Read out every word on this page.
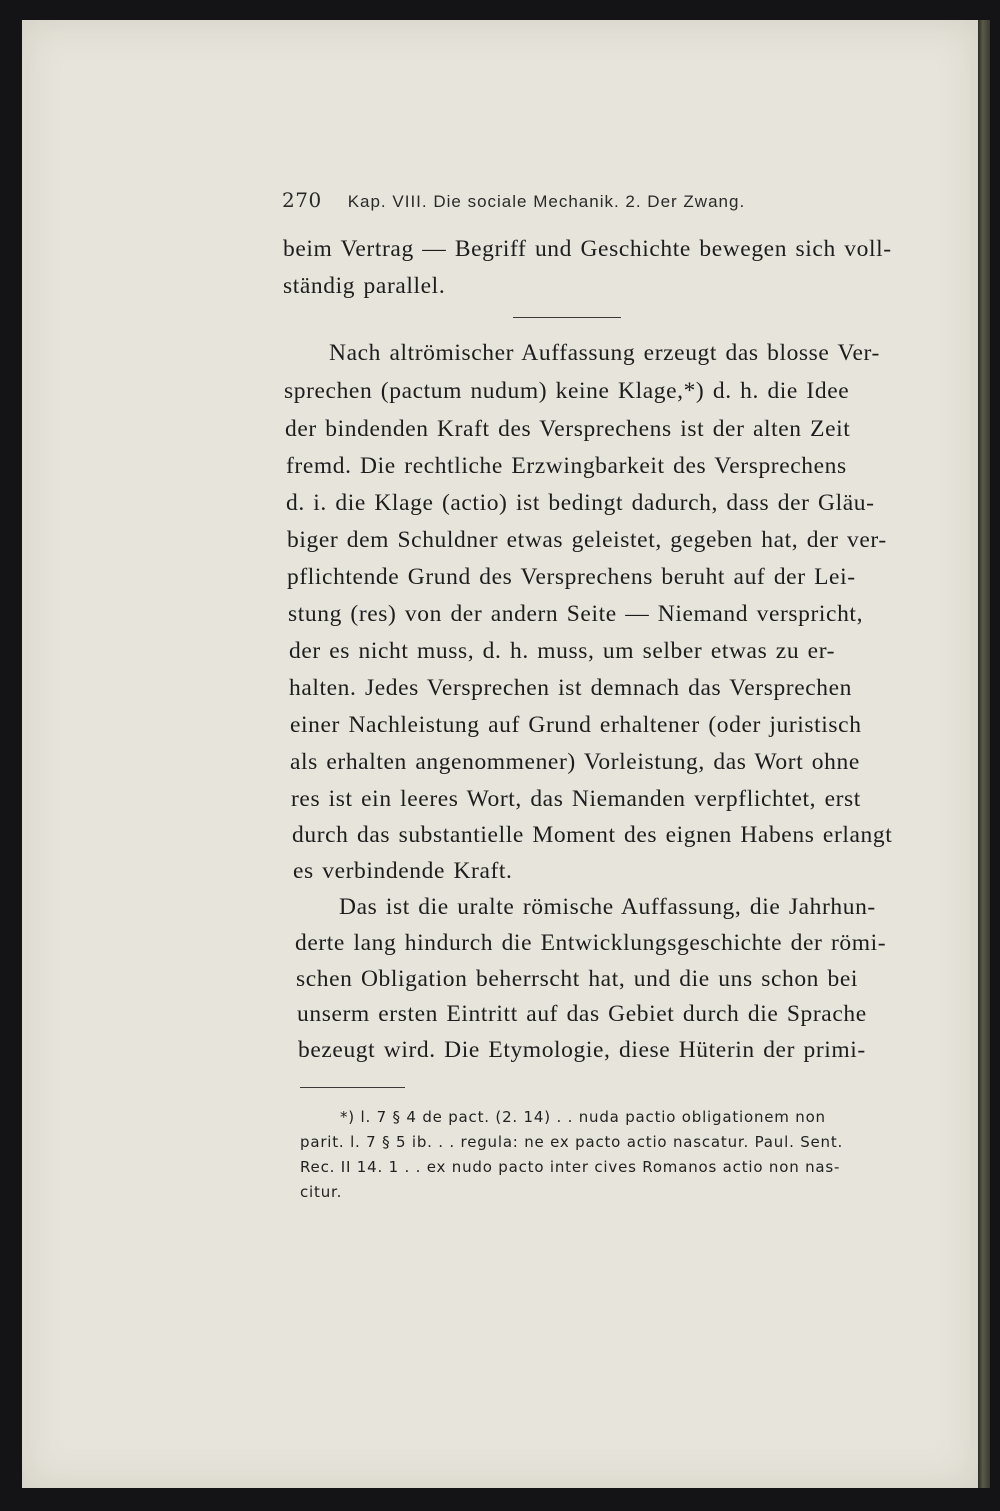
270 Kap. VIII. Die sociale Mechanik. 2. Der Zwang.
beim Vertrag — Begriff und Geschichte bewegen sich voll-
ständig parallel.
Nach altrömischer Auffassung erzeugt das blosse Ver-
sprechen (pactum nudum) keine Klage,*) d. h. die Idee
der bindenden Kraft des Versprechens ist der alten Zeit
fremd. Die rechtliche Erzwingbarkeit des Versprechens
d. i. die Klage (actio) ist bedingt dadurch, dass der Gläu-
biger dem Schuldner etwas geleistet, gegeben hat, der ver-
pflichtende Grund des Versprechens beruht auf der Lei-
stung (res) von der andern Seite — Niemand verspricht,
der es nicht muss, d. h. muss, um selber etwas zu er-
halten. Jedes Versprechen ist demnach das Versprechen
einer Nachleistung auf Grund erhaltener (oder juristisch
als erhalten angenommener) Vorleistung, das Wort ohne
res ist ein leeres Wort, das Niemanden verpflichtet, erst
durch das substantielle Moment des eignen Habens erlangt
es verbindende Kraft.
Das ist die uralte römische Auffassung, die Jahrhun-
derte lang hindurch die Entwicklungsgeschichte der römi-
schen Obligation beherrscht hat, und die uns schon bei
unserm ersten Eintritt auf das Gebiet durch die Sprache
bezeugt wird. Die Etymologie, diese Hüterin der primi-
*) l. 7 § 4 de pact. (2. 14) . . nuda pactio obligationem non
parit. l. 7 § 5 ib. . . regula: ne ex pacto actio nascatur. Paul. Sent.
Rec. II 14. 1 . . ex nudo pacto inter cives Romanos actio non nas-
citur.
